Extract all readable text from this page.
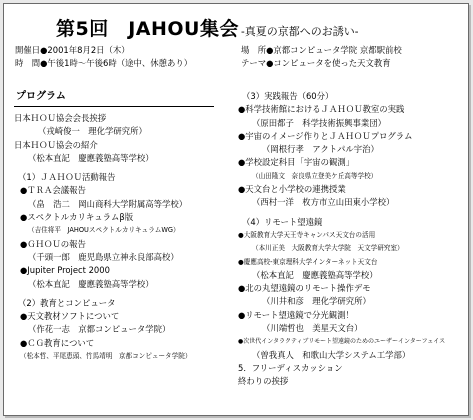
第5回　JAHOU集会 -真夏の京都へのお誘い-
開催日●2001年8月2日（木）
時　間●午後1時～午後6時（途中、休憩あり）
場　所●京都コンピュータ学院 京都駅前校
テーマ●コンピュータを使った天文教育
プログラム
日本ＨＯＵ協会会長挨拶
（戎崎俊一　理化学研究所）
日本ＨＯＵ協会の紹介
（松本直記　慶應義塾高等学校）
（1）ＪＡＨＯＵ活動報告
●ＴＲＡ会議報告
（畠　浩二　岡山商科大学附属高等学校）
●スペクトルカリキュラムβ版
（吉住将平　JAHOUスペクトルカリキュラムWG）
●ＧＨＯＵの報告
（千頭一郎　鹿児島県立神永良部高校）
●Jupiter Project 2000
（松本直記　慶應義塾高等学校）
（2）教育とコンピュータ
●天文教材ソフトについて
（作花一志　京都コンピュータ学院）
●ＣＧ教育について
（松本哲、平尾恵頭、竹馬靖明　京都コンピュータ学院）
（3）実践報告（60分）
●科学技術館におけるＪＡＨＯＵ教室の実践
（原田都子　科学技術振興事業団）
●宇宙のイメージ作りとＪＡＨＯＵプログラム
（岡根行孝　アクトパル宇治）
●学校設定科目「宇宙の観測」
（山田隆文　奈良県立登美ケ丘高等学校）
●天文台と小学校の連携授業
（西村一洋　枚方市立山田東小学校）
（4）リモート望遠鏡
●大阪教育大学天王寺キャンパス天文台の活用
（本川正美　大阪教育大学大学院　天文学研究室）
●慶應高校-東京理科大学インターネット天文台
（松本直記　慶應義塾高等学校）
●北の丸望遠鏡のリモート操作デモ
（川井和彦　理化学研究所）
●リモート望遠鏡で分光観測！
（川端哲也　美星天文台）
●次世代インタラクティブリモート望遠鏡のためのユーザーインターフェイス
（曽我真人　和歌山大学システム工学部）
5．フリーディスカッション
終わりの挨拶
